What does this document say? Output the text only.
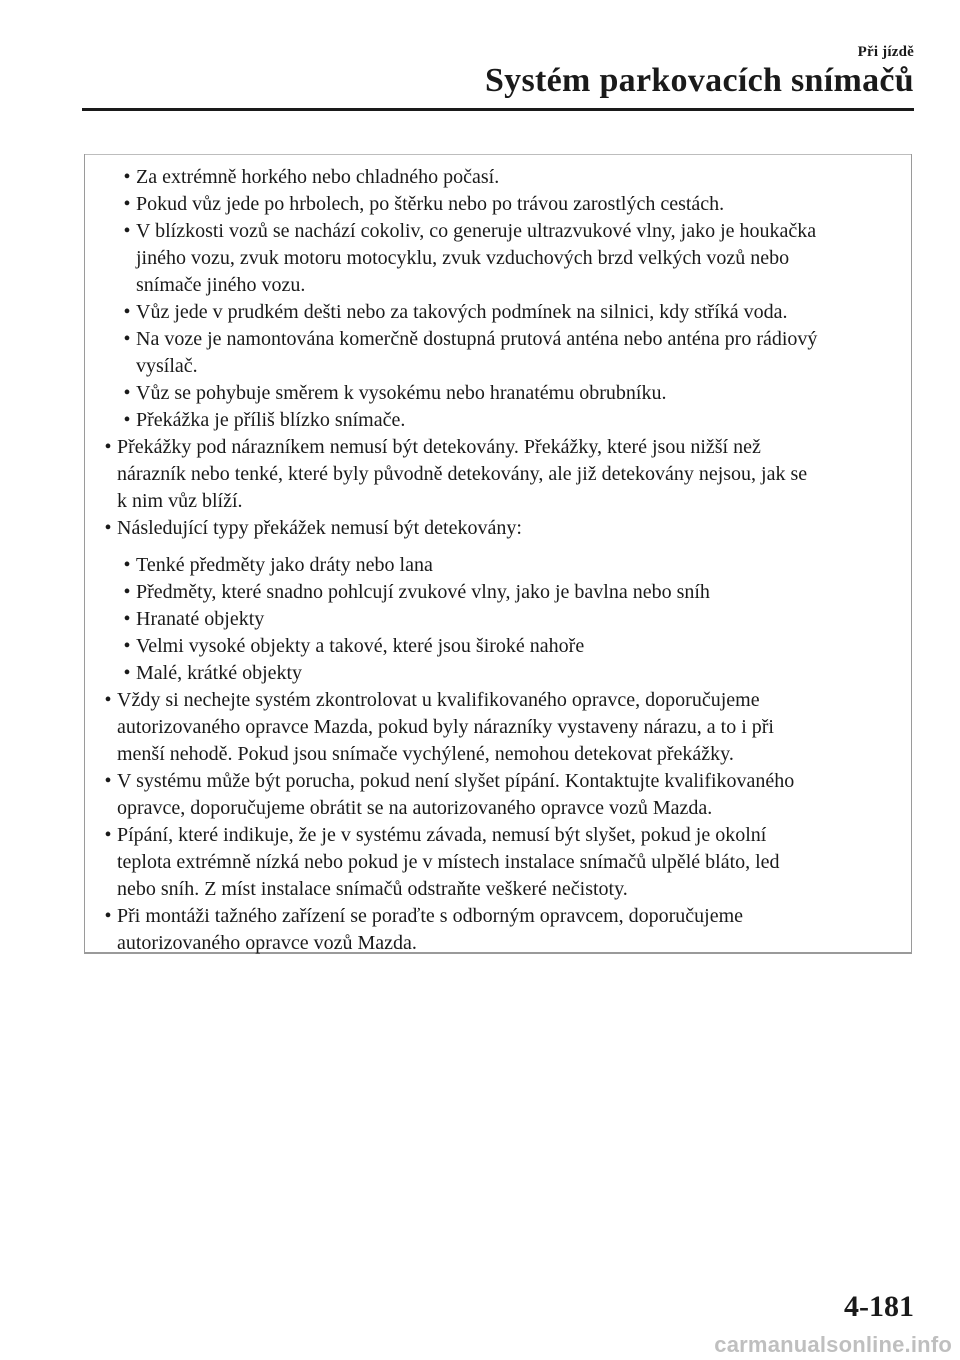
Při jízdě
Systém parkovacích snímačů
• Za extrémně horkého nebo chladného počasí.
• Pokud vůz jede po hrbolech, po štěrku nebo po trávou zarostlých cestách.
• V blízkosti vozů se nachází cokoliv, co generuje ultrazvukové vlny, jako je houkačka
jiného vozu, zvuk motoru motocyklu, zvuk vzduchových brzd velkých vozů nebo
snímače jiného vozu.
• Vůz jede v prudkém dešti nebo za takových podmínek na silnici, kdy stříká voda.
• Na voze je namontována komerčně dostupná prutová anténa nebo anténa pro rádiový
vysílač.
• Vůz se pohybuje směrem k vysokému nebo hranatému obrubníku.
• Překážka je příliš blízko snímače.
• Překážky pod nárazníkem nemusí být detekovány. Překážky, které jsou nižší než
nárazník nebo tenké, které byly původně detekovány, ale již detekovány nejsou, jak se
k nim vůz blíží.
• Následující typy překážek nemusí být detekovány:
• Tenké předměty jako dráty nebo lana
• Předměty, které snadno pohlcují zvukové vlny, jako je bavlna nebo sníh
• Hranaté objekty
• Velmi vysoké objekty a takové, které jsou široké nahoře
• Malé, krátké objekty
• Vždy si nechejte systém zkontrolovat u kvalifikovaného opravce, doporučujeme
autorizovaného opravce Mazda, pokud byly nárazníky vystaveny nárazu, a to i při
menší nehodě. Pokud jsou snímače vychýlené, nemohou detekovat překážky.
• V systému může být porucha, pokud není slyšet pípání. Kontaktujte kvalifikovaného
opravce, doporučujeme obrátit se na autorizovaného opravce vozů Mazda.
• Pípání, které indikuje, že je v systému závada, nemusí být slyšet, pokud je okolní
teplota extrémně nízká nebo pokud je v místech instalace snímačů ulpělé bláto, led
nebo sníh. Z míst instalace snímačů odstraňte veškeré nečistoty.
• Při montáži tažného zařízení se poraďte s odborným opravcem, doporučujeme
autorizovaného opravce vozů Mazda.
4-181
carmanualsonline.info
